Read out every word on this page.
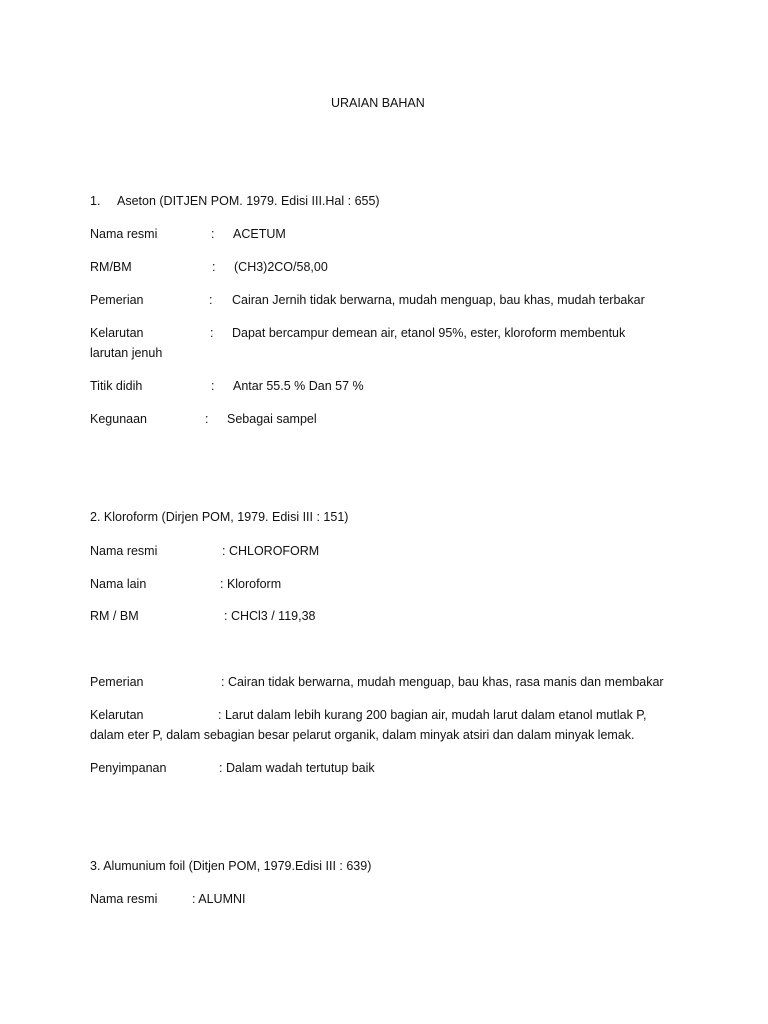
URAIAN BAHAN
1. Aseton (DITJEN POM. 1979. Edisi III.Hal : 655)
Nama resmi	: ACETUM
RM/BM	: (CH3)2CO/58,00
Pemerian	: Cairan Jernih tidak berwarna, mudah menguap, bau khas, mudah terbakar
Kelarutan	: Dapat bercampur demean air, etanol 95%, ester, kloroform membentuk
larutan jenuh
Titik didih	: Antar 55.5 % Dan 57 %
Kegunaan	: Sebagai sampel
2. Kloroform (Dirjen POM, 1979. Edisi III : 151)
Nama resmi	: CHLOROFORM
Nama lain	: Kloroform
RM / BM	: CHCl3 / 119,38
Pemerian	: Cairan tidak berwarna, mudah menguap, bau khas, rasa manis dan membakar
Kelarutan	: Larut dalam lebih kurang 200 bagian air, mudah larut dalam etanol mutlak P,
dalam eter P, dalam sebagian besar pelarut organik, dalam minyak atsiri dan dalam minyak lemak.
Penyimpanan	: Dalam wadah tertutup baik
3. Alumunium foil (Ditjen POM, 1979.Edisi III : 639)
Nama resmi	: ALUMNI
